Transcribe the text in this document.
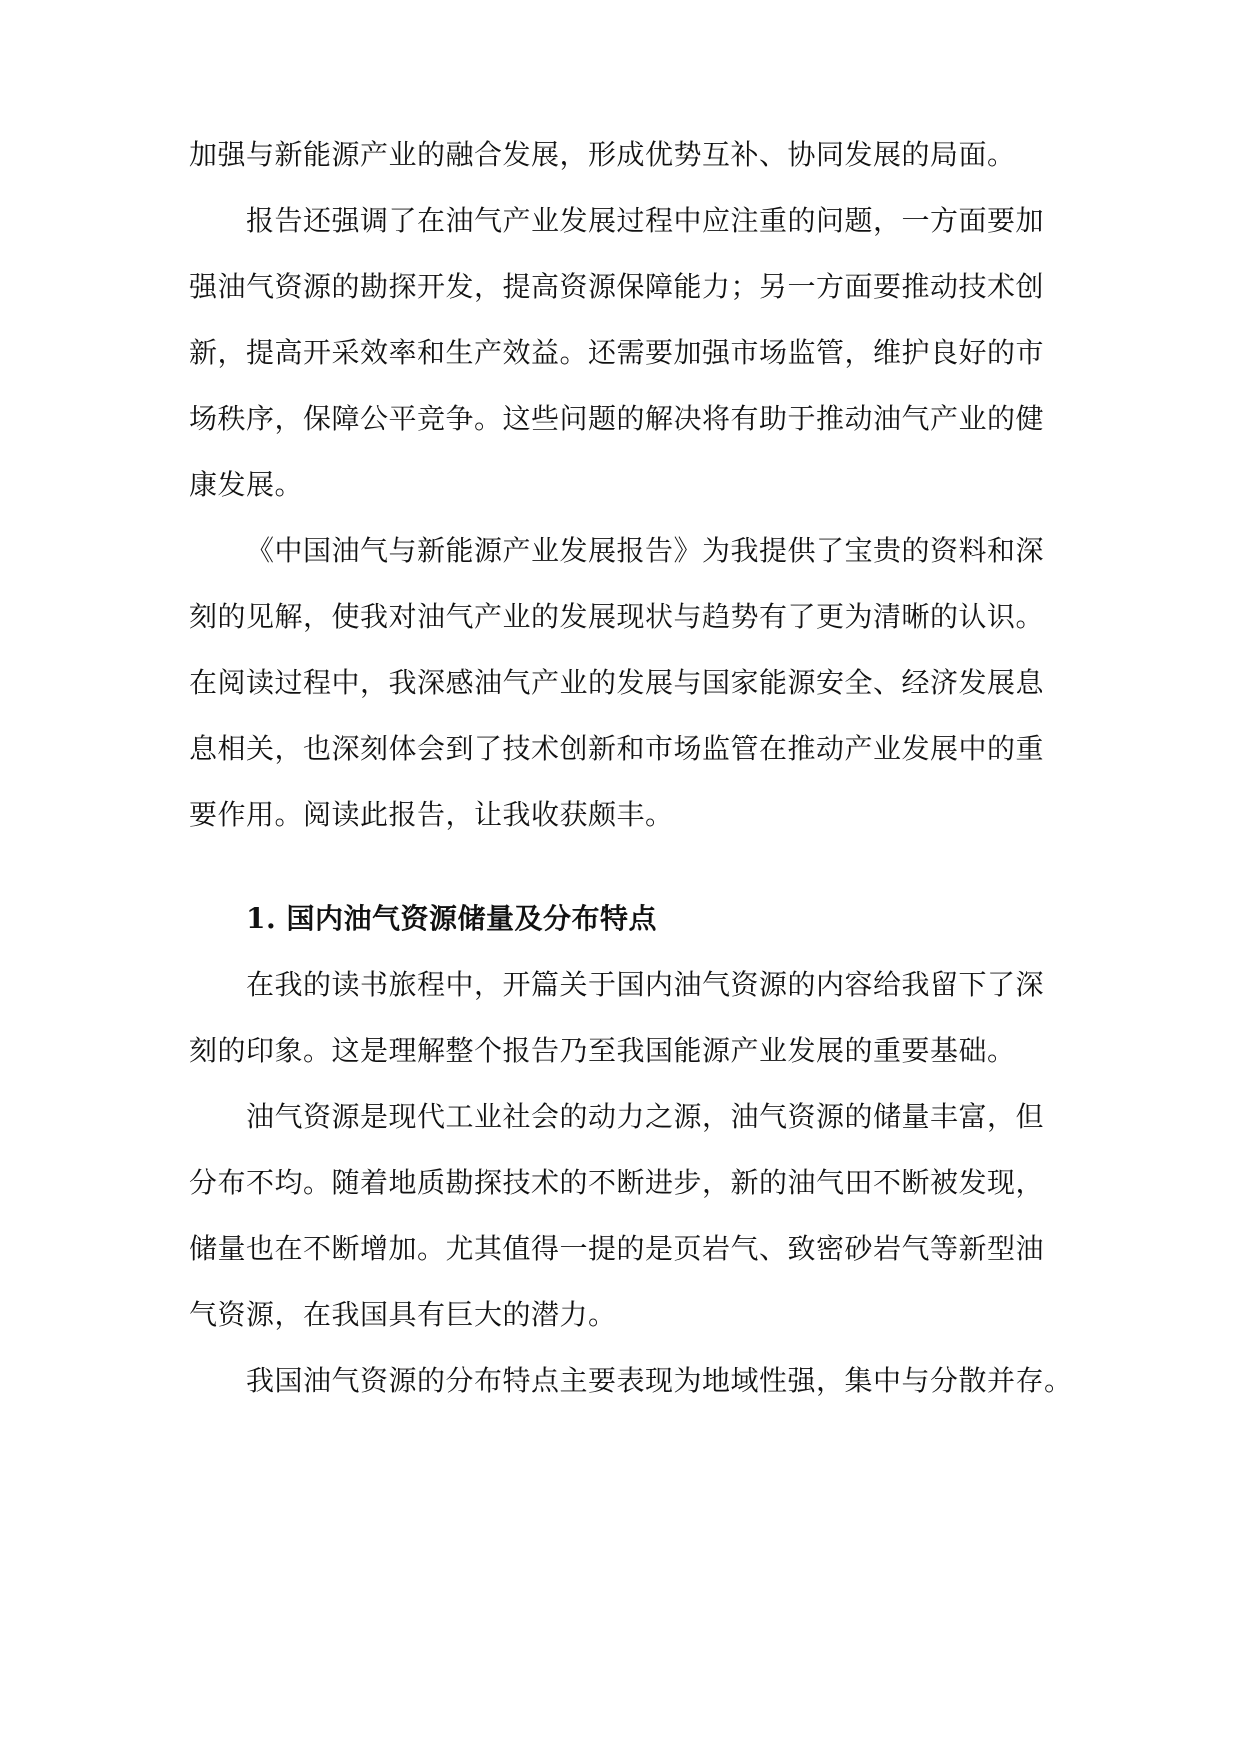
加强与新能源产业的融合发展，形成优势互补、协同发展的局面。

报告还强调了在油气产业发展过程中应注重的问题，一方面要加

强油气资源的勘探开发，提高资源保障能力；另一方面要推动技术创

新，提高开采效率和生产效益。还需要加强市场监管，维护良好的市

场秩序，保障公平竞争。这些问题的解决将有助于推动油气产业的健

康发展。

《中国油气与新能源产业发展报告》为我提供了宝贵的资料和深

刻的见解，使我对油气产业的发展现状与趋势有了更为清晰的认识。

在阅读过程中，我深感油气产业的发展与国家能源安全、经济发展息

息相关，也深刻体会到了技术创新和市场监管在推动产业发展中的重

要作用。阅读此报告，让我收获颇丰。

1. 国内油气资源储量及分布特点

在我的读书旅程中，开篇关于国内油气资源的内容给我留下了深

刻的印象。这是理解整个报告乃至我国能源产业发展的重要基础。

油气资源是现代工业社会的动力之源，油气资源的储量丰富，但

分布不均。随着地质勘探技术的不断进步，新的油气田不断被发现，

储量也在不断增加。尤其值得一提的是页岩气、致密砂岩气等新型油

气资源，在我国具有巨大的潜力。

我国油气资源的分布特点主要表现为地域性强，集中与分散并存。
